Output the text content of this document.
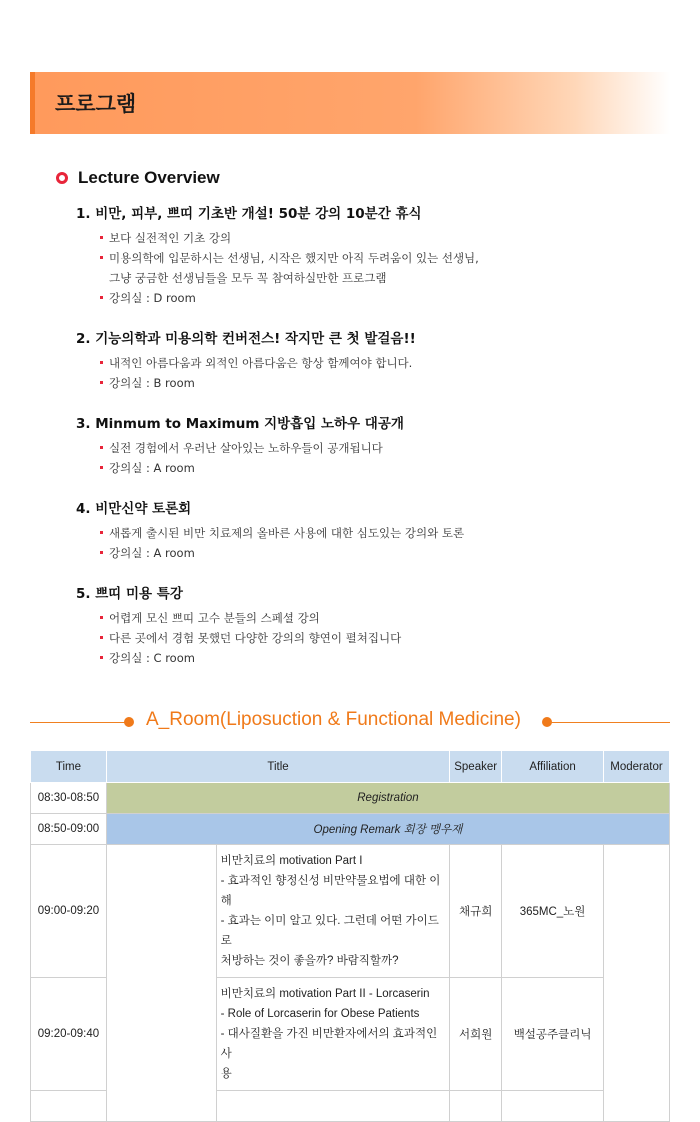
프로그램
Lecture Overview
1. 비만, 피부, 쁘띠 기초반 개설! 50분 강의 10분간 휴식
보다 실전적인 기초 강의
미용의학에 입문하시는 선생님, 시작은 했지만 아직 두려움이 있는 선생님,
그냥 궁금한 선생님들을 모두 꼭 참여하실만한 프로그램
강의실 : D room
2. 기능의학과 미용의학 컨버전스! 작지만 큰 첫 발걸음!!
내적인 아름다움과 외적인 아름다움은 항상 함께여야 합니다.
강의실 : B room
3. Minmum to Maximum 지방흡입 노하우 대공개
실전 경험에서 우러난 살아있는 노하우들이 공개됩니다
강의실 : A room
4. 비만신약 토론회
새롭게 출시된 비만 치료제의 올바른 사용에 대한 심도있는 강의와 토론
강의실 : A room
5. 쁘띠 미용 특강
어렵게 모신 쁘띠 고수 분들의 스페셜 강의
다른 곳에서 경험 못했던 다양한 강의의 향연이 펼쳐집니다
강의실 : C room
A_Room(Liposuction & Functional Medicine)
Time	Title		Speaker	Affiliation	Moderator
08:30-08:50	Registration				
08:50-09:00	Opening Remark 회장 맹우재				
09:00-09:20		비만치료의 motivation Part I
- 효과적인 향정신성 비만약물요법에 대한 이해
- 효과는 이미 알고 있다. 그런데 어떤 가이드로
처방하는 것이 좋을까? 바람직할까?	채규희	365MC_노원	
09:20-09:40		비만치료의 motivation Part II - Lorcaserin
- Role of Lorcaserin for Obese Patients
- 대사질환을 가진 비만환자에서의 효과적인 사
용	서희원	백설공주클리닉	
